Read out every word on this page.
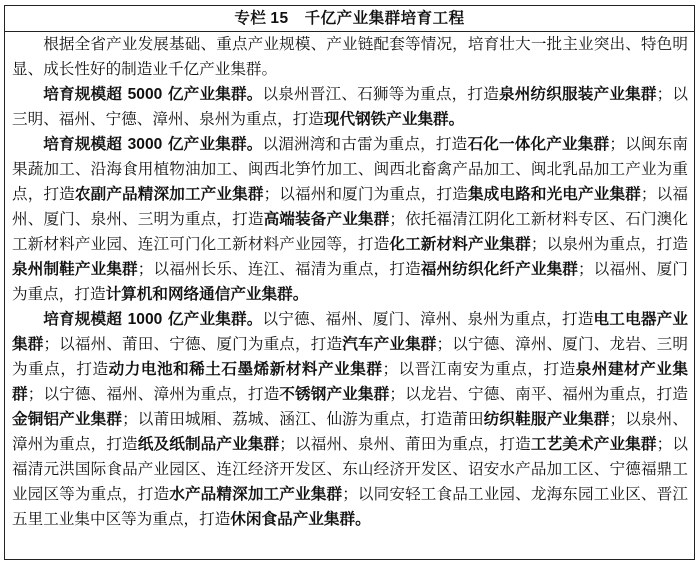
专栏 15 千亿产业集群培育工程

根据全省产业发展基础、重点产业规模、产业链配套等情况，培育壮大一批主业突出、特色明显、成长性好的制造业千亿产业集群。

培育规模超 5000 亿产业集群。以泉州晋江、石狮等为重点，打造泉州纺织服装产业集群；以三明、福州、宁德、漳州、泉州为重点，打造现代钢铁产业集群。

培育规模超 3000 亿产业集群。以湄洲湾和古雷为重点，打造石化一体化产业集群；以闽东南果蔬加工、沿海食用植物油加工、闽西北笋竹加工、闽西北畜禽产品加工、闽北乳品加工产业为重点，打造农副产品精深加工产业集群；以福州和厦门为重点，打造集成电路和光电产业集群；以福州、厦门、泉州、三明为重点，打造高端装备产业集群；依托福清江阴化工新材料专区、石门澳化工新材料产业园、连江可门化工新材料产业园等，打造化工新材料产业集群；以泉州为重点，打造泉州制鞋产业集群；以福州长乐、连江、福清为重点，打造福州纺织化纤产业集群；以福州、厦门为重点，打造计算机和网络通信产业集群。

培育规模超 1000 亿产业集群。以宁德、福州、厦门、漳州、泉州为重点，打造电工电器产业集群；以福州、莆田、宁德、厦门为重点，打造汽车产业集群；以宁德、漳州、厦门、龙岩、三明为重点，打造动力电池和稀土石墨烯新材料产业集群；以晋江南安为重点，打造泉州建材产业集群；以宁德、福州、漳州为重点，打造不锈钢产业集群；以龙岩、宁德、南平、福州为重点，打造金铜铝产业集群；以莆田城厢、荔城、涵江、仙游为重点，打造莆田纺织鞋服产业集群；以泉州、漳州为重点，打造纸及纸制品产业集群；以福州、泉州、莆田为重点，打造工艺美术产业集群；以福清元洪国际食品产业园区、连江经济开发区、东山经济开发区、诏安水产品加工区、宁德福鼎工业园区等为重点，打造水产品精深加工产业集群；以同安轻工食品工业园、龙海东园工业区、晋江五里工业集中区等为重点，打造休闲食品产业集群。
